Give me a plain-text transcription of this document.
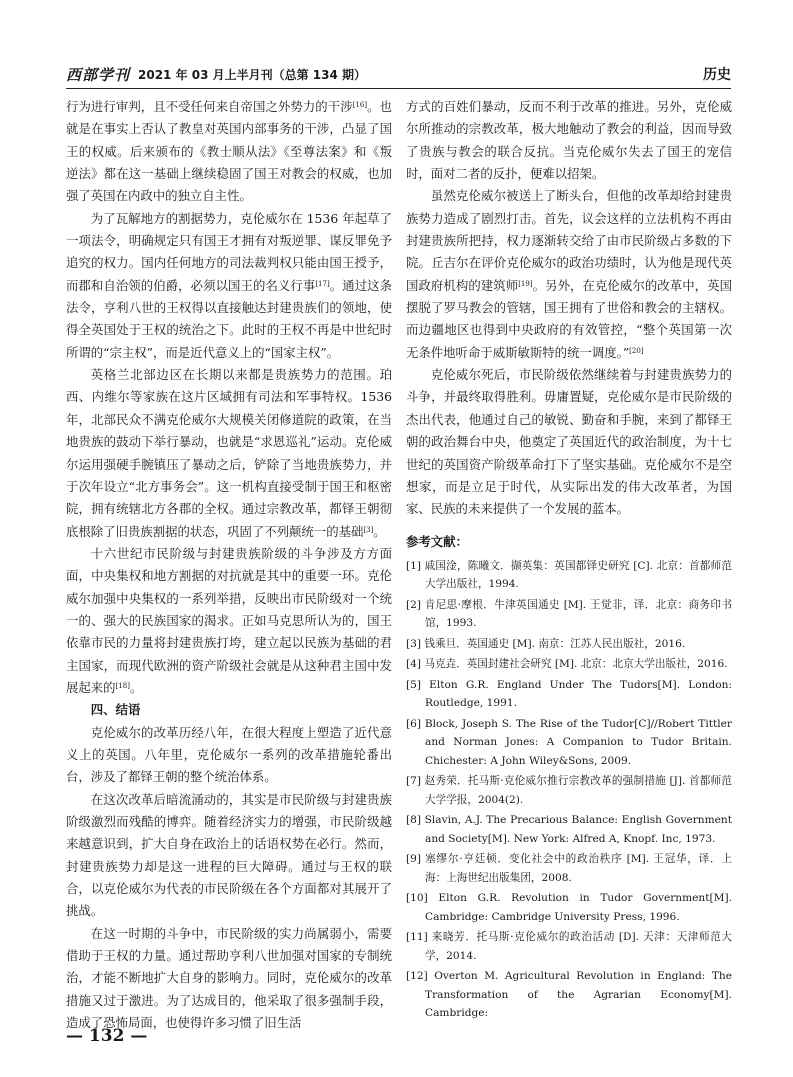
西部学刊 2021 年 03 月上半月刊（总第 134 期）	历史

行为进行审判，且不受任何来自帝国之外势力的干涉[16]。也就是在事实上否认了教皇对英国内部事务的干涉，凸显了国王的权威。后来颁布的《教士顺从法》《至尊法案》和《叛逆法》都在这一基础上继续稳固了国王对教会的权威，也加强了英国在内政中的独立自主性。

为了瓦解地方的割据势力，克伦威尔在 1536 年起草了一项法令，明确规定只有国王才拥有对叛逆罪、谋反罪免予追究的权力。国内任何地方的司法裁判权只能由国王授予，而郡和自治领的伯爵，必须以国王的名义行事[17]。通过这条法令，亨利八世的王权得以直接触达封建贵族们的领地，使得全英国处于王权的统治之下。此时的王权不再是中世纪时所谓的“宗主权”，而是近代意义上的“国家主权”。

英格兰北部边区在长期以来都是贵族势力的范围。珀西、内维尔等家族在这片区域拥有司法和军事特权。1536 年，北部民众不满克伦威尔大规模关闭修道院的政策，在当地贵族的鼓动下举行暴动，也就是“求恩巡礼”运动。克伦威尔运用强硬手腕镇压了暴动之后，铲除了当地贵族势力，并于次年设立“北方事务会”。这一机构直接受制于国王和枢密院，拥有统辖北方各郡的全权。通过宗教改革，都铎王朝彻底根除了旧贵族割据的状态，巩固了不列颠统一的基础[3]。

十六世纪市民阶级与封建贵族阶级的斗争涉及方方面面，中央集权和地方割据的对抗就是其中的重要一环。克伦威尔加强中央集权的一系列举措，反映出市民阶级对一个统一的、强大的民族国家的渴求。正如马克思所认为的，国王依靠市民的力量将封建贵族打垮，建立起以民族为基础的君主国家，而现代欧洲的资产阶级社会就是从这种君主国中发展起来的[18]。

四、结语

克伦威尔的改革历经八年，在很大程度上塑造了近代意义上的英国。八年里，克伦威尔一系列的改革措施轮番出台，涉及了都铎王朝的整个统治体系。

在这次改革后暗流涌动的，其实是市民阶级与封建贵族阶级激烈而残酷的博弈。随着经济实力的增强，市民阶级越来越意识到，扩大自身在政治上的话语权势在必行。然而，封建贵族势力却是这一进程的巨大障碍。通过与王权的联合，以克伦威尔为代表的市民阶级在各个方面都对其展开了挑战。

在这一时期的斗争中，市民阶级的实力尚属弱小，需要借助于王权的力量。通过帮助亨利八世加强对国家的专制统治，才能不断地扩大自身的影响力。同时，克伦威尔的改革措施又过于激进。为了达成目的，他采取了很多强制手段，造成了恐怖局面，也使得许多习惯了旧生活

方式的百姓们暴动，反而不利于改革的推进。另外，克伦威尔所推动的宗教改革，极大地触动了教会的利益，因而导致了贵族与教会的联合反抗。当克伦威尔失去了国王的宠信时，面对二者的反扑，便难以招架。

虽然克伦威尔被送上了断头台，但他的改革却给封建贵族势力造成了剧烈打击。首先，议会这样的立法机构不再由封建贵族所把持，权力逐渐转交给了由市民阶级占多数的下院。丘吉尔在评价克伦威尔的政治功绩时，认为他是现代英国政府机构的建筑师[19]。另外，在克伦威尔的改革中，英国摆脱了罗马教会的管辖，国王拥有了世俗和教会的主辖权。而边疆地区也得到中央政府的有效管控，“整个英国第一次无条件地听命于威斯敏斯特的统一调度。”[20]

克伦威尔死后，市民阶级依然继续着与封建贵族势力的斗争，并最终取得胜利。毋庸置疑，克伦威尔是市民阶级的杰出代表，他通过自己的敏锐、勤奋和手腕，来到了都铎王朝的政治舞台中央，他奠定了英国近代的政治制度，为十七世纪的英国资产阶级革命打下了坚实基础。克伦威尔不是空想家，而是立足于时代，从实际出发的伟大改革者，为国家、民族的未来提供了一个发展的蓝本。

参考文献：

[1] 戚国淦，陈曦文．撷英集：英国都铎史研究 [C]. 北京：首都师范大学出版社，1994.
[2] 肯尼思·摩根．牛津英国通史 [M]. 王觉非，译．北京：商务印书馆，1993.
[3] 钱乘旦．英国通史 [M]. 南京：江苏人民出版社，2016.
[4] 马克垚．英国封建社会研究 [M]. 北京：北京大学出版社，2016.
[5] Elton G.R. England Under The Tudors[M]. London: Routledge, 1991.
[6] Block, Joseph S. The Rise of the Tudor[C]//Robert Tittler and Norman Jones: A Companion to Tudor Britain. Chichester: A John Wiley&Sons, 2009.
[7] 赵秀荣．托马斯·克伦威尔推行宗教改革的强制措施 [J]. 首都师范大学学报，2004(2).
[8] Slavin, A.J. The Precarious Balance: English Government and Society[M]. New York: Alfred A, Knopf. Inc, 1973.
[9] 塞缪尔·亨廷顿．变化社会中的政治秩序 [M]. 王冠华，译．上海：上海世纪出版集团，2008.
[10] Elton G.R. Revolution in Tudor Government[M]. Cambridge: Cambridge University Press, 1996.
[11] 来晓芳．托马斯·克伦威尔的政治活动 [D]. 天津：天津师范大学，2014.
[12] Overton M. Agricultural Revolution in England: The Transformation of the Agrarian Economy[M]. Cambridge:
— 132 —
